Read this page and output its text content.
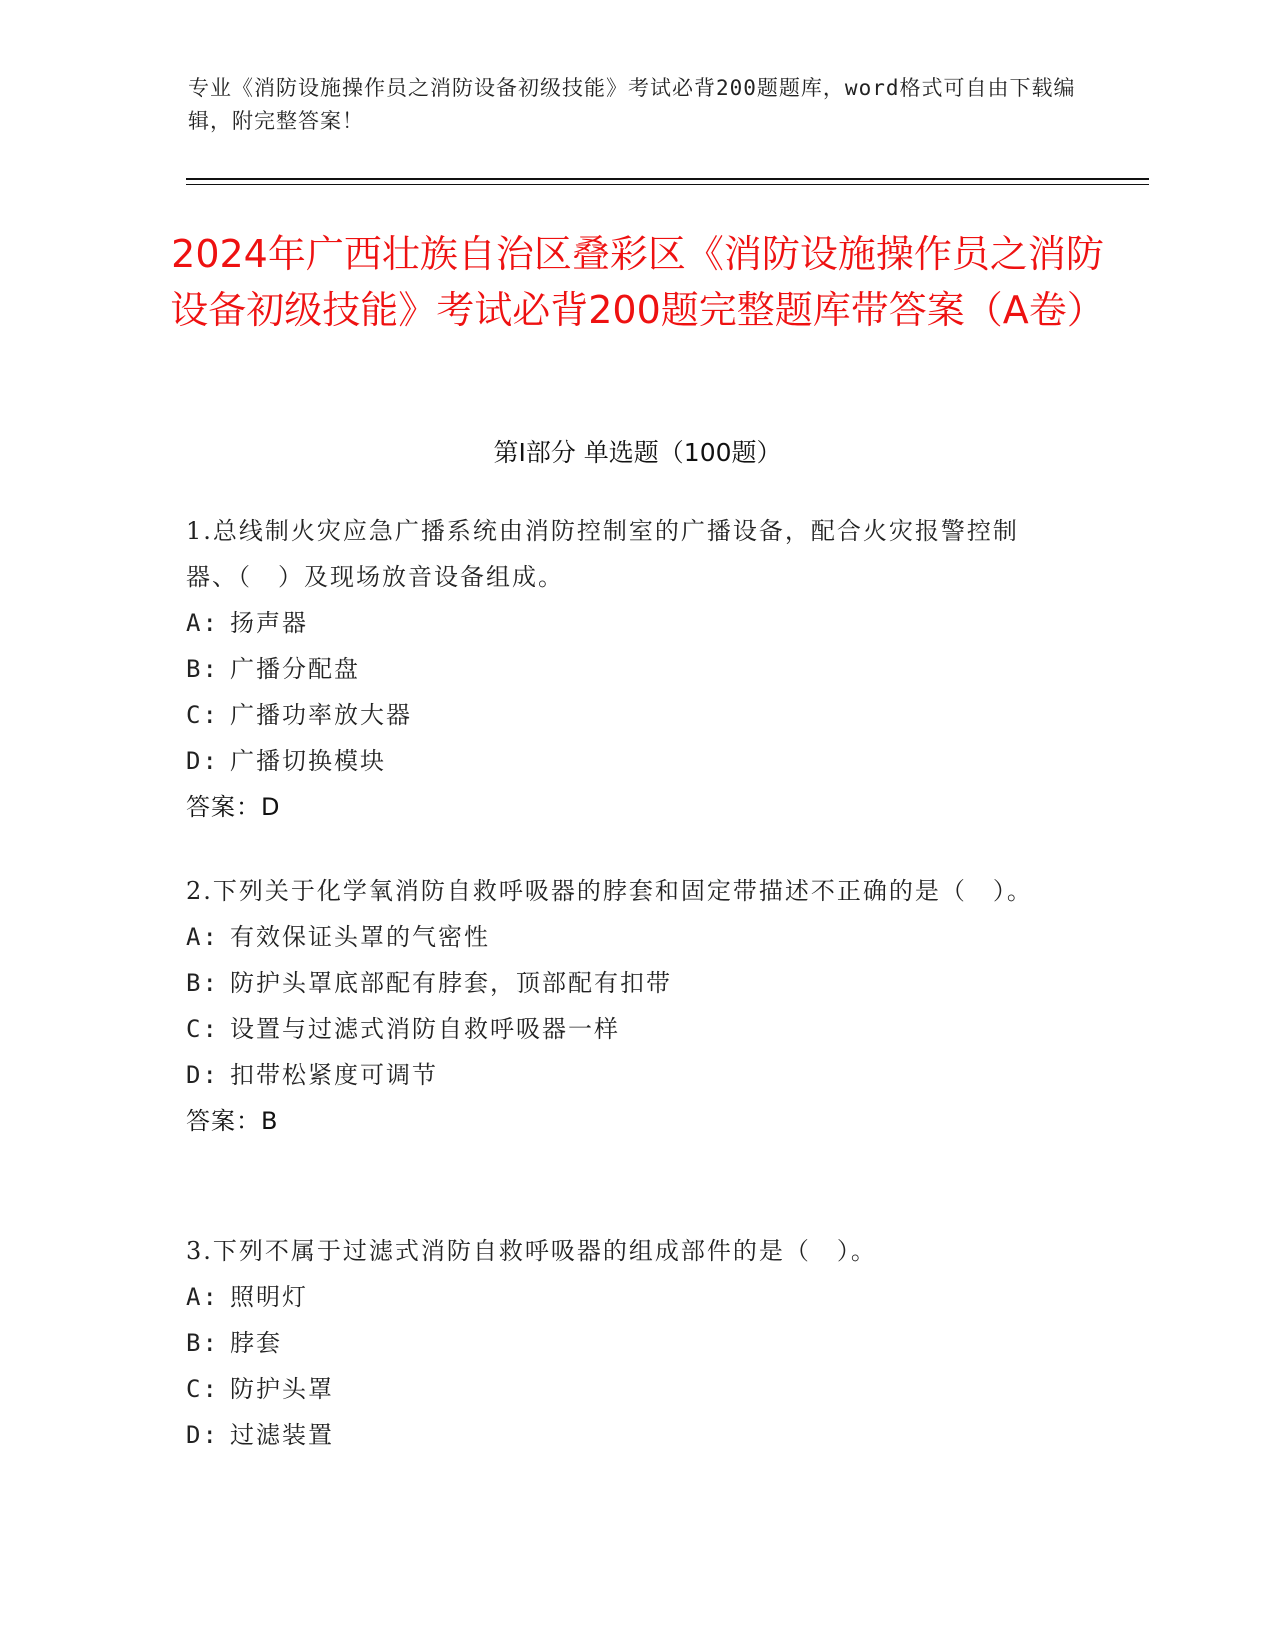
专业《消防设施操作员之消防设备初级技能》考试必背200题题库，word格式可自由下载编辑，附完整答案！
2024年广西壮族自治区叠彩区《消防设施操作员之消防设备初级技能》考试必背200题完整题库带答案（A卷）
第Ⅰ部分 单选题（100题）

1.总线制火灾应急广播系统由消防控制室的广播设备，配合火灾报警控制器、（　）及现场放音设备组成。

A: 扬声器

B: 广播分配盘

C: 广播功率放大器

D: 广播切换模块

答案：D

2.下列关于化学氧消防自救呼吸器的脖套和固定带描述不正确的是（　）。

A: 有效保证头罩的气密性

B: 防护头罩底部配有脖套，顶部配有扣带

C: 设置与过滤式消防自救呼吸器一样

D: 扣带松紧度可调节

答案：B

3.下列不属于过滤式消防自救呼吸器的组成部件的是（　）。

A: 照明灯

B: 脖套

C: 防护头罩

D: 过滤装置
